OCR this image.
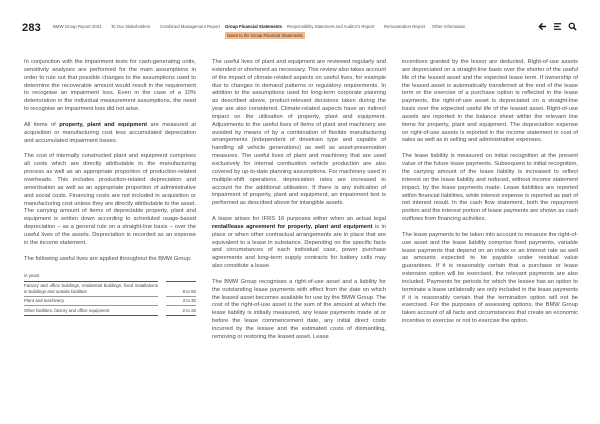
283	BMW Group Report 2024 To Our Stakeholders Combined Management Report Group Financial Statements Responsibility Statement and Auditor's Report Remuneration Report Other Information
Notes to the Group Financial Statements

In conjunction with the impairment tests for cash-generating units, sensitivity analyses are performed for the main assumptions in order to rule out that possible changes to the assumptions used to determine the recoverable amount would result in the requirement to recognise an impairment loss. Even in the case of a 10% deterioration in the individual measurement assumptions, the need to recognise an impairment loss did not arise.

All items of property, plant and equipment are measured at acquisition or manufacturing cost less accumulated depreciation and accumulated impairment losses.

The cost of internally constructed plant and equipment comprises all costs which are directly attributable to the manufacturing process as well as an appropriate proportion of production-related overheads. This includes production-related depreciation and amortisation as well as an appropriate proportion of administrative and social costs. Financing costs are not included in acquisition or manufacturing cost unless they are directly attributable to the asset. The carrying amount of items of depreciable property, plant and equipment is written down according to scheduled usage-based depreciation – as a general rule on a straight-line basis – over the useful lives of the assets. Depreciation is recorded as an expense in the income statement.

The following useful lives are applied throughout the BMW Group:

in years		
Factory and office buildings, residential buildings, fixed installations in buildings and outside facilities		8 to 50
Plant and machinery		3 to 30
Other facilities, factory and office equipment		2 to 25

The useful lives of plant and equipment are reviewed regularly and extended or shortened as necessary. This review also takes account of the impact of climate-related aspects on useful lives, for example due to changes in demand patterns or regulatory requirements. In addition to the assumptions used for long-term corporate planning as described above, product-relevant decisions taken during the year are also considered. Climate-related aspects have an indirect impact on the utilisation of property, plant and equipment. Adjustments to the useful lives of items of plant and machinery are avoided by means of by a combination of flexible manufacturing arrangements (independent of drivetrain type and capable of handling all vehicle generations) as well as asset-preservation measures. The useful lives of plant and machinery that are used exclusively for internal combustion vehicle production are also covered by up-to-date planning assumptions. For machinery used in multiple-shift operations, depreciation rates are increased to account for the additional utilisation. If there is any indication of impairment of property, plant and equipment, an impairment test is performed as described above for intangible assets.

A lease arises for IFRS 16 purposes either when an actual legal rental/lease agreement for property, plant and equipment is in place or when other contractual arrangements are in place that are equivalent to a lease in substance. Depending on the specific facts and circumstances of each individual case, power purchase agreements and long-term supply contracts for battery cells may also constitute a lease.

The BMW Group recognises a right-of-use asset and a liability for the outstanding lease payments with effect from the date on which the leased asset becomes available for use by the BMW Group. The cost of the right-of-use asset is the sum of the amount at which the lease liability is initially measured, any lease payments made at or before the lease commencement date, any initial direct costs incurred by the lessee and the estimated costs of dismantling, removing or restoring the leased asset. Lease

incentives granted by the lessor are deducted. Right-of-use assets are depreciated on a straight-line basis over the shorter of the useful life of the leased asset and the expected lease term. If ownership of the leased asset is automatically transferred at the end of the lease term or the exercise of a purchase option is reflected in the lease payments, the right-of-use asset is depreciated on a straight-line basis over the expected useful life of the leased asset. Right-of-use assets are reported in the balance sheet within the relevant line items for property, plant and equipment. The depreciation expense on right-of-use assets is reported in the income statement in cost of sales as well as in selling and administrative expenses.

The lease liability is measured on initial recognition at the present value of the future lease payments. Subsequent to initial recognition, the carrying amount of the lease liability is increased to reflect interest on the lease liability and reduced, without income statement impact, by the lease payments made. Lease liabilities are reported within financial liabilities, while interest expense is reported as part of net interest result. In the cash flow statement, both the repayment portion and the interest portion of lease payments are shown as cash outflows from financing activities.

The lease payments to be taken into account to measure the right-of-use asset and the lease liability comprise fixed payments, variable lease payments that depend on an index or an interest rate as well as amounts expected to be payable under residual value guarantees. If it is reasonably certain that a purchase or lease extension option will be exercised, the relevant payments are also included. Payments for periods for which the lessee has an option to terminate a lease unilaterally are only included in the lease payments if it is reasonably certain that the termination option will not be exercised. For the purposes of assessing options, the BMW Group takes account of all facts and circumstances that create an economic incentive to exercise or not to exercise the option.
